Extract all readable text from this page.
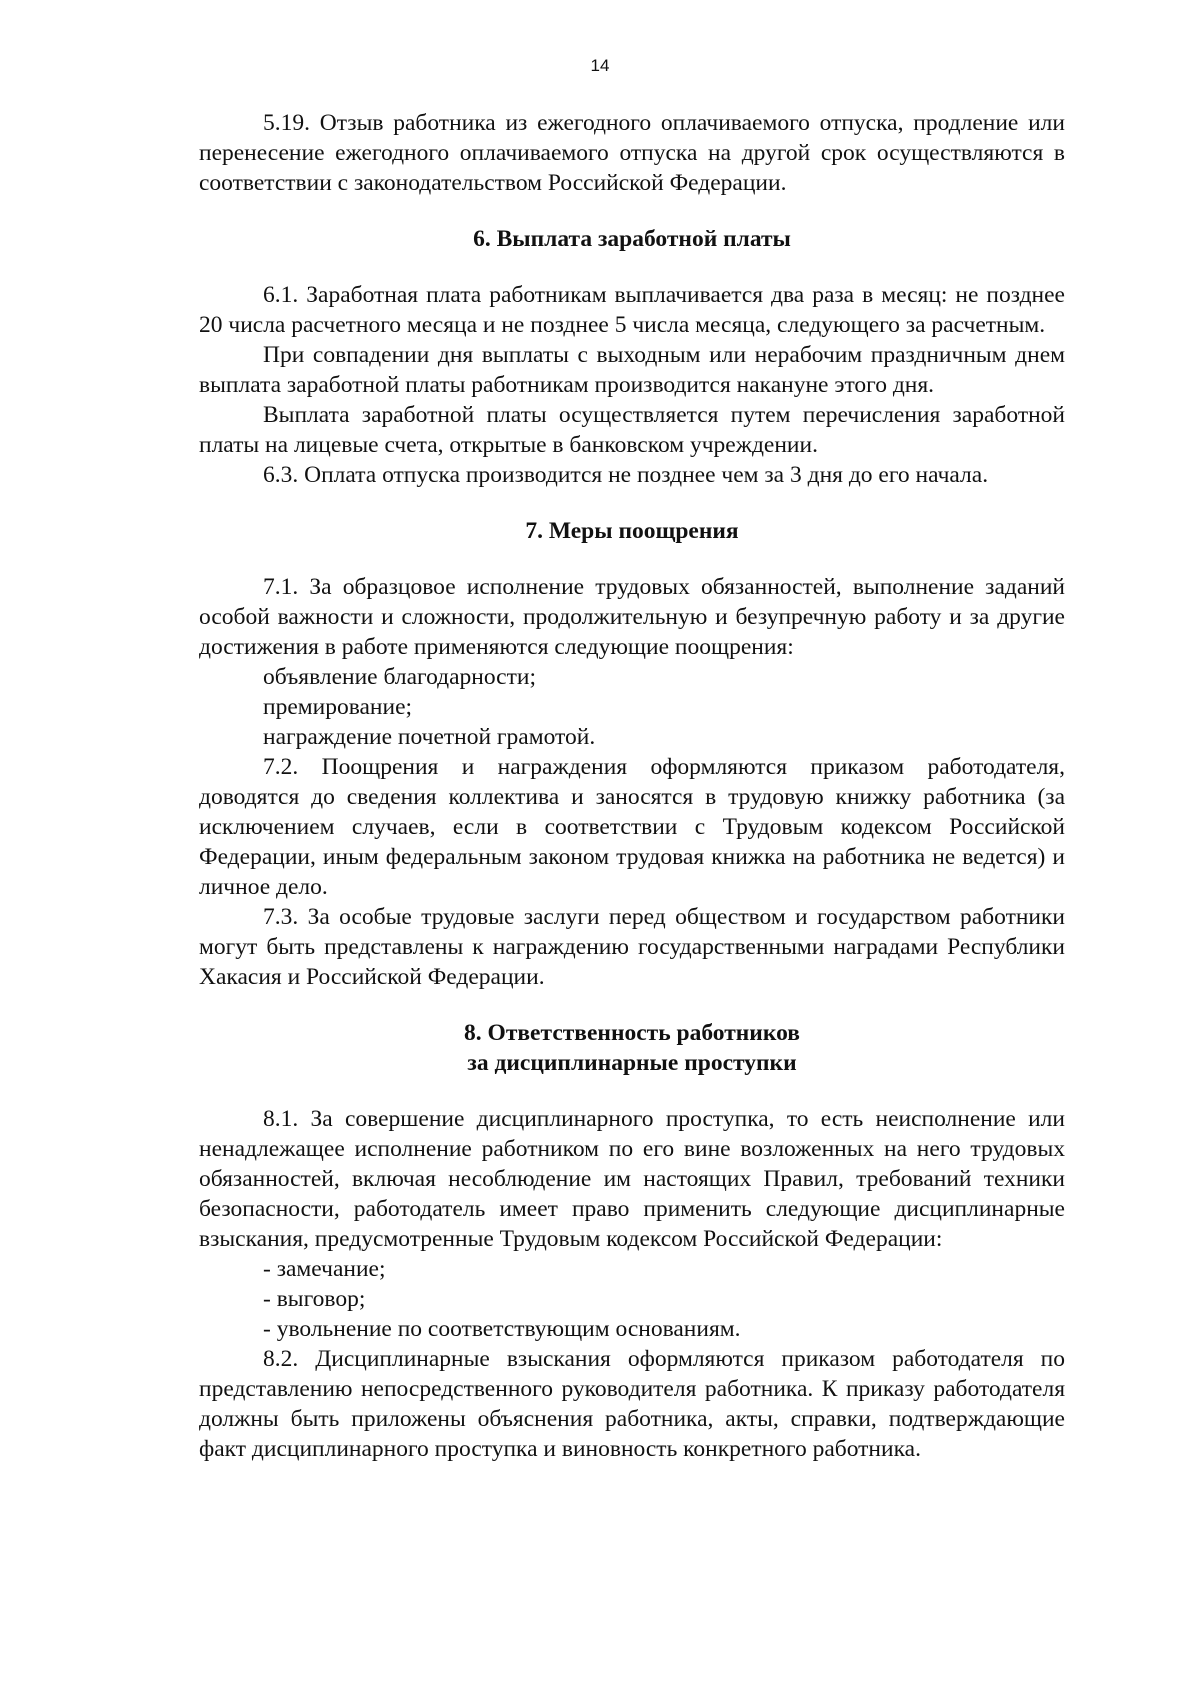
14

5.19. Отзыв работника из ежегодного оплачиваемого отпуска, продление или перенесение ежегодного оплачиваемого отпуска на другой срок осуществляются в соответствии с законодательством Российской Федерации.

6. Выплата заработной платы

6.1. Заработная плата работникам выплачивается два раза в месяц: не позднее 20 числа расчетного месяца и не позднее 5 числа месяца, следующего за расчетным.

При совпадении дня выплаты с выходным или нерабочим праздничным днем выплата заработной платы работникам производится накануне этого дня.

Выплата заработной платы осуществляется путем перечисления заработной платы на лицевые счета, открытые в банковском учреждении.

6.3. Оплата отпуска производится не позднее чем за 3 дня до его начала.

7. Меры поощрения

7.1. За образцовое исполнение трудовых обязанностей, выполнение заданий особой важности и сложности, продолжительную и безупречную работу и за другие достижения в работе применяются следующие поощрения:

объявление благодарности;

премирование;

награждение почетной грамотой.

7.2. Поощрения и награждения оформляются приказом работодателя, доводятся до сведения коллектива и заносятся в трудовую книжку работника (за исключением случаев, если в соответствии с Трудовым кодексом Российской Федерации, иным федеральным законом трудовая книжка на работника не ведется) и личное дело.

7.3. За особые трудовые заслуги перед обществом и государством работники могут быть представлены к награждению государственными наградами Республики Хакасия и Российской Федерации.

8. Ответственность работников
за дисциплинарные проступки

8.1. За совершение дисциплинарного проступка, то есть неисполнение или ненадлежащее исполнение работником по его вине возложенных на него трудовых обязанностей, включая несоблюдение им настоящих Правил, требований техники безопасности, работодатель имеет право применить следующие дисциплинарные взыскания, предусмотренные Трудовым кодексом Российской Федерации:

- замечание;

- выговор;

- увольнение по соответствующим основаниям.

8.2. Дисциплинарные взыскания оформляются приказом работодателя по представлению непосредственного руководителя работника. К приказу работодателя должны быть приложены объяснения работника, акты, справки, подтверждающие факт дисциплинарного проступка и виновность конкретного работника.
